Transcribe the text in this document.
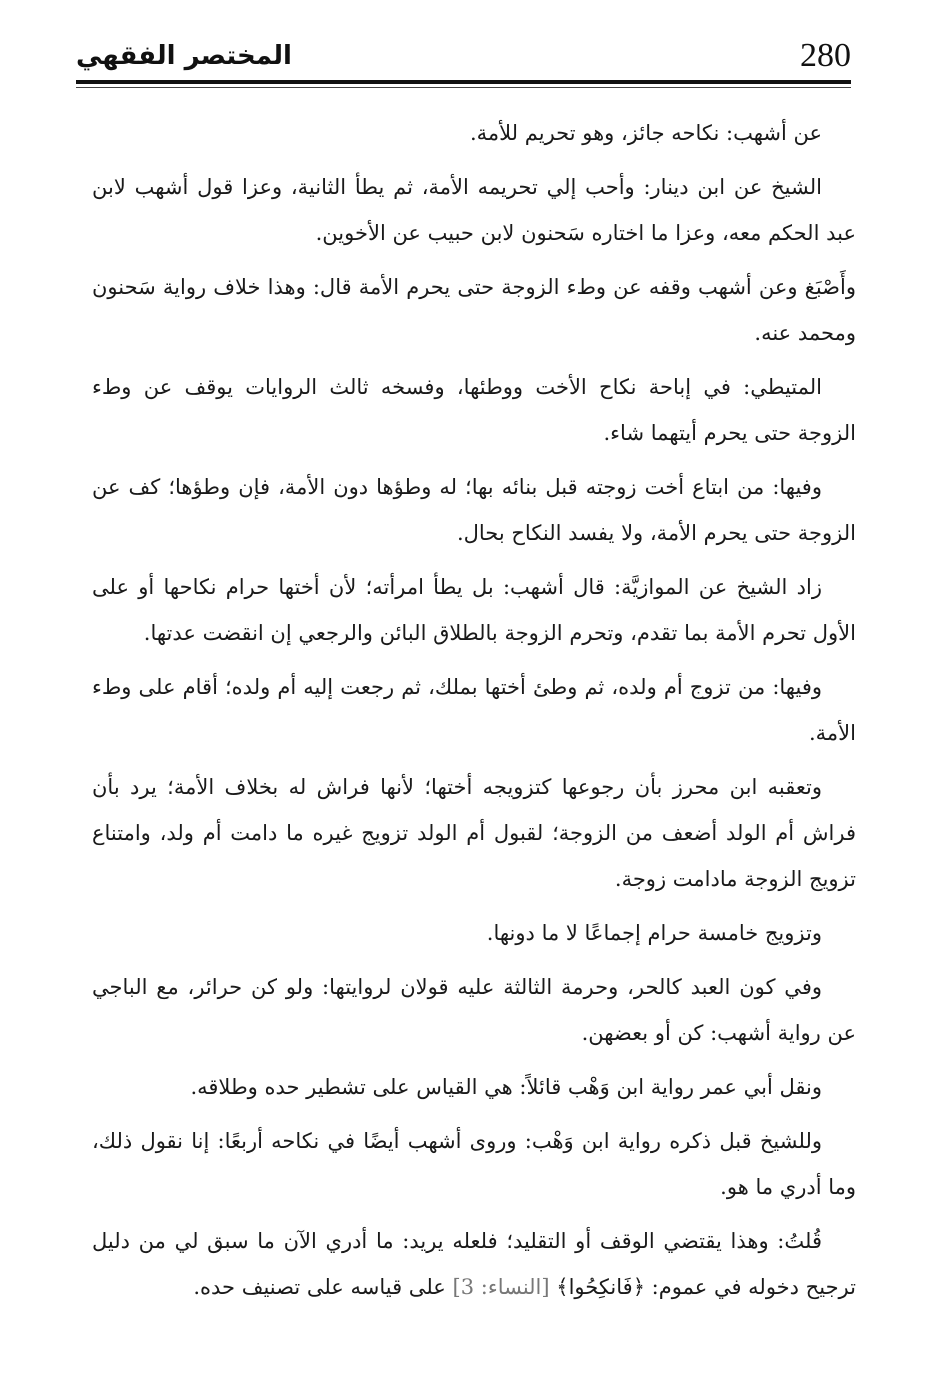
280
المختصر الفقهي

عن أشهب: نكاحه جائز، وهو تحريم للأمة.

الشيخ عن ابن دينار: وأحب إلي تحريمه الأمة، ثم يطأ الثانية، وعزا قول أشهب لابن عبد الحكم معه، وعزا ما اختاره سَحنون لابن حبيب عن الأخوين.

وأَصْبَغ وعن أشهب وقفه عن وطء الزوجة حتى يحرم الأمة قال: وهذا خلاف رواية سَحنون ومحمد عنه.

المتيطي: في إباحة نكاح الأخت ووطئها، وفسخه ثالث الروايات يوقف عن وطء الزوجة حتى يحرم أيتهما شاء.

وفيها: من ابتاع أخت زوجته قبل بنائه بها؛ له وطؤها دون الأمة، فإن وطؤها؛ كف عن الزوجة حتى يحرم الأمة، ولا يفسد النكاح بحال.

زاد الشيخ عن الموازيَّة: قال أشهب: بل يطأ امرأته؛ لأن أختها حرام نكاحها أو على الأول تحرم الأمة بما تقدم، وتحرم الزوجة بالطلاق البائن والرجعي إن انقضت عدتها.

وفيها: من تزوج أم ولده، ثم وطئ أختها بملك، ثم رجعت إليه أم ولده؛ أقام على وطء الأمة.

وتعقبه ابن محرز بأن رجوعها كتزويجه أختها؛ لأنها فراش له بخلاف الأمة؛ يرد بأن فراش أم الولد أضعف من الزوجة؛ لقبول أم الولد تزويج غيره ما دامت أم ولد، وامتناع تزويج الزوجة مادامت زوجة.

وتزويج خامسة حرام إجماعًا لا ما دونها.

وفي كون العبد كالحر، وحرمة الثالثة عليه قولان لروايتها: ولو كن حرائر، مع الباجي عن رواية أشهب: كن أو بعضهن.

ونقل أبي عمر رواية ابن وَهْب قائلاً: هي القياس على تشطير حده وطلاقه.

وللشيخ قبل ذكره رواية ابن وَهْب: وروى أشهب أيضًا في نكاحه أربعًا: إنا نقول ذلك، وما أدري ما هو.

قُلتُ: وهذا يقتضي الوقف أو التقليد؛ فلعله يريد: ما أدري الآن ما سبق لي من دليل ترجيح دخوله في عموم: ﴿فَانكِحُوا﴾ [النساء: 3] على قياسه على تصنيف حده.
